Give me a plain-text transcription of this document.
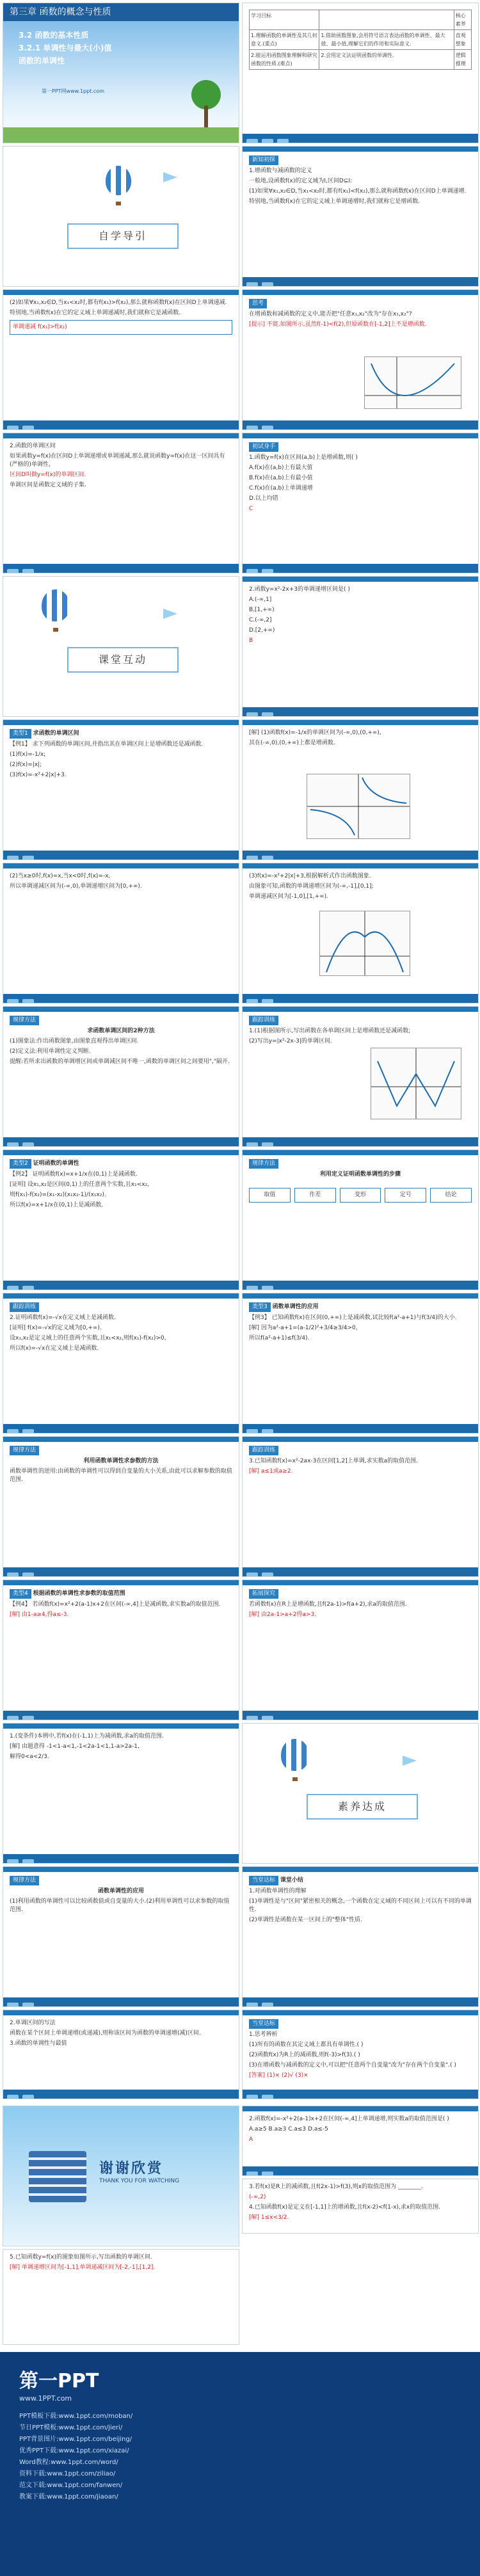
第三章 函数的概念与性质
3.2 函数的基本性质
3.2.1 单调性与最大(小)值
函数的单调性
第一PPT网www.1ppt.com
学习目标		核心素养
1.理解函数的单调性及其几何意义.(重点)	1.借助函数图象,会用符号语言表达函数的单调性、最大值、最小值,理解它们的作用和实际意义.	直观想象
2.能运用函数图象理解和研究函数的性质.(难点)	2.会用定义法证明函数的单调性.	逻辑推理
自学导引
新知初探

1.增函数与减函数的定义

一般地,设函数f(x)的定义域为I,区间D⊆I:

(1)如果∀x₁,x₂∈D,当x₁<x₂时,都有f(x₁)<f(x₂),那么就称函数f(x)在区间D上单调递增.

特别地,当函数f(x)在它的定义域上单调递增时,我们就称它是增函数.

(2)如果∀x₁,x₂∈D,当x₁<x₂时,都有f(x₁)>f(x₂),那么就称函数f(x)在区间D上单调递减.

特别地,当函数f(x)在它的定义域上单调递减时,我们就称它是减函数.

单调递减 f(x₁)>f(x₂)
思考

在增函数和减函数的定义中,能否把"任意x₁,x₂"改为"存在x₁,x₂"?

[提示] 不能.如图所示,虽然f(-1)<f(2),但原函数在[-1,2]上不是增函数.

2.函数的单调区间

如果函数y=f(x)在区间D上单调递增或单调递减,那么就说函数y=f(x)在这一区间具有(严格的)单调性,

区间D叫做y=f(x)的单调区间.

单调区间是函数定义域的子集.

初试身手

1.函数y=f(x)在区间(a,b)上是增函数,则( )

A.f(x)在(a,b)上有最大值

B.f(x)在(a,b)上有最小值

C.f(x)在(a,b)上单调递增

D.以上均错

C

课堂互动

2.函数y=x²-2x+3的单调递增区间是( )

A.(-∞,1]

B.[1,+∞)

C.(-∞,2]

D.[2,+∞)

B

类型1 求函数的单调区间

【例1】 求下列函数的单调区间,并指出其在单调区间上是增函数还是减函数.

(1)f(x)=-1/x;

(2)f(x)=|x|;

(3)f(x)=-x²+2|x|+3.

[解] (1)函数f(x)=-1/x的单调区间为(-∞,0),(0,+∞),

其在(-∞,0),(0,+∞)上都是增函数.

(2)当x≥0时,f(x)=x,当x<0时,f(x)=-x,

所以单调递减区间为(-∞,0),单调递增区间为[0,+∞).

(3)f(x)=-x²+2|x|+3,根据解析式作出函数图象.

由图象可知,函数的单调递增区间为(-∞,-1],[0,1];

单调递减区间为[-1,0],[1,+∞).

规律方法

求函数单调区间的2种方法

(1)图象法:作出函数图象,由图象直观得出单调区间.

(2)定义法:利用单调性定义判断.

提醒:若所求出函数的单调增区间或单调减区间不唯一,函数的单调区间之间要用","隔开.

跟踪训练

1.(1)根据图所示,写出函数在各单调区间上是增函数还是减函数;

(2)写出y=|x²-2x-3|的单调区间.

类型2 证明函数的单调性

【例2】 证明函数f(x)=x+1/x在(0,1)上是减函数.

[证明] 设x₁,x₂是区间(0,1)上的任意两个实数,且x₁<x₂,

则f(x₁)-f(x₂)=(x₁-x₂)(x₁x₂-1)/(x₁x₂).

所以f(x)=x+1/x在(0,1)上是减函数.

规律方法

利用定义证明函数单调性的步骤

取值	作差	变形	定号	结论
跟踪训练

2.证明函数f(x)=-√x在定义域上是减函数.

[证明] f(x)=-√x的定义域为[0,+∞).

设x₁,x₂是定义域上的任意两个实数,且x₁<x₂,则f(x₁)-f(x₂)>0,

所以f(x)=-√x在定义域上是减函数.

类型3 函数单调性的应用

【例3】 已知函数f(x)在区间(0,+∞)上是减函数,试比较f(a²-a+1)与f(3/4)的大小.

[解] 因为a²-a+1=(a-1/2)²+3/4≥3/4>0,

所以f(a²-a+1)≤f(3/4).

规律方法

利用函数单调性求参数的方法

函数单调性的逆用:由函数的单调性可以得到自变量的大小关系,由此可以求解参数的取值范围.

跟踪训练

3.已知函数f(x)=x²-2ax-3在区间[1,2]上单调,求实数a的取值范围.

[解] a≤1或a≥2.

类型4 根据函数的单调性求参数的取值范围

【例4】 若函数f(x)=x²+2(a-1)x+2在区间(-∞,4]上是减函数,求实数a的取值范围.

[解] 由1-a≥4,得a≤-3.

拓展探究

若函数f(x)在R上是增函数,且f(2a-1)>f(a+2),求a的取值范围.

[解] 由2a-1>a+2得a>3.

1.(变条件)本例中,若f(x)在(-1,1)上为减函数,求a的取值范围.

[解] 由题意得 -1<1-a<1,-1<2a-1<1,1-a>2a-1,

解得0<a<2/3.

素养达成
规律方法

函数单调性的应用

(1)利用函数的单调性可以比较函数值或自变量的大小.(2)利用单调性可以求参数的取值范围.

当堂达标 课堂小结

1.对函数单调性的理解

(1)单调性是与"区间"紧密相关的概念,一个函数在定义域的不同区间上可以有不同的单调性.

(2)单调性是函数在某一区间上的"整体"性质.

2.单调区间的写法

函数在某个区间上单调递增(或递减),则称该区间为函数的单调递增(减)区间.

3.函数的单调性与最值

当堂达标

1.思考辨析

(1)所有的函数在其定义域上都具有单调性.( )

(2)函数f(x)为R上的减函数,则f(-3)>f(3).( )

(3)在增函数与减函数的定义中,可以把"任意两个自变量"改为"存在两个自变量".( )

[答案] (1)× (2)√ (3)×

谢谢欣赏
THANK YOU FOR WATCHING

2.函数f(x)=-x²+2(a-1)x+2在区间(-∞,4]上单调递增,则实数a的取值范围是( )

A.a≥5 B.a≥3 C.a≤3 D.a≤-5

A

3.若f(x)是R上的减函数,且f(2x-1)>f(3),则x的取值范围为 ________.

(-∞,2)

4.已知函数f(x)是定义在[-1,1]上的增函数,且f(x-2)<f(1-x),求x的取值范围.

[解] 1≤x<3/2.

5.已知函数y=f(x)的图象如图所示,写出函数的单调区间.

[解] 单调递增区间为[-1,1],单调递减区间为[-2,-1],[1,2].

第一PPT
www.1PPT.com
PPT模板下载:www.1ppt.com/moban/
节日PPT模板:www.1ppt.com/jieri/
PPT背景图片:www.1ppt.com/beijing/
优秀PPT下载:www.1ppt.com/xiazai/
Word教程:www.1ppt.com/word/
资料下载:www.1ppt.com/ziliao/
范文下载:www.1ppt.com/fanwen/
教案下载:www.1ppt.com/jiaoan/
